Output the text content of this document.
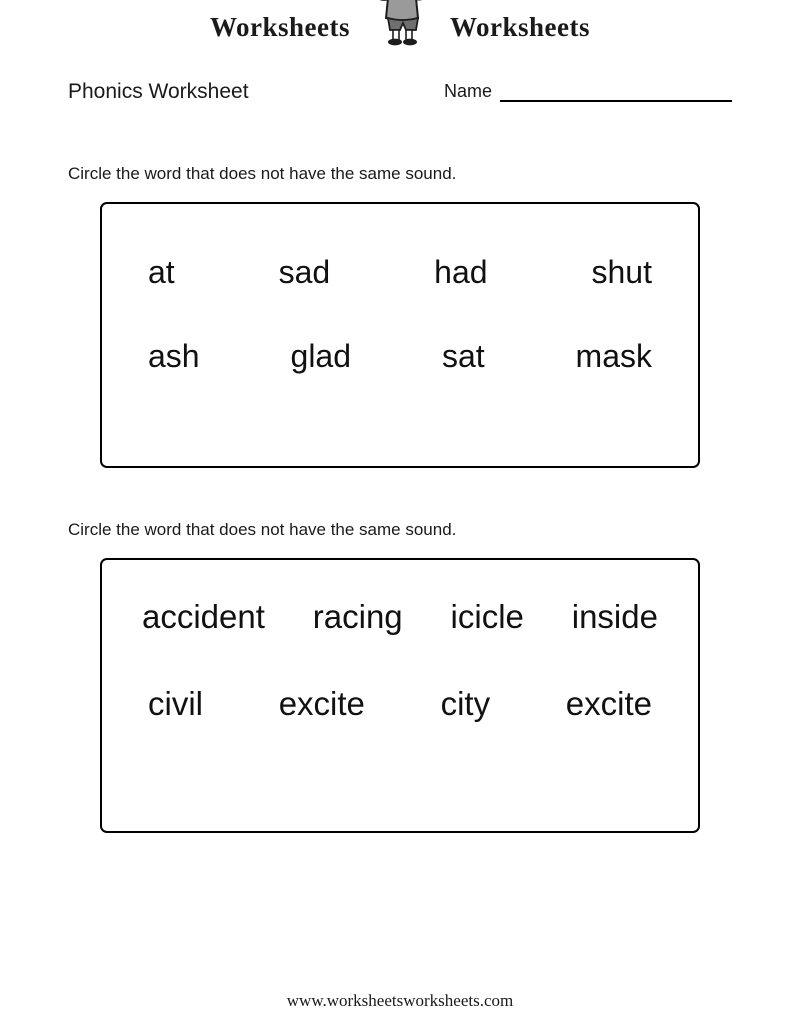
Worksheets	Worksheets
Phonics Worksheet	Name
Circle the word that does not have the same sound.
at	sad	had	shut
ash	glad	sat	mask
Circle the word that does not have the same sound.
accident racing icicle inside
civil excite city excite
www.worksheetsworksheets.com
